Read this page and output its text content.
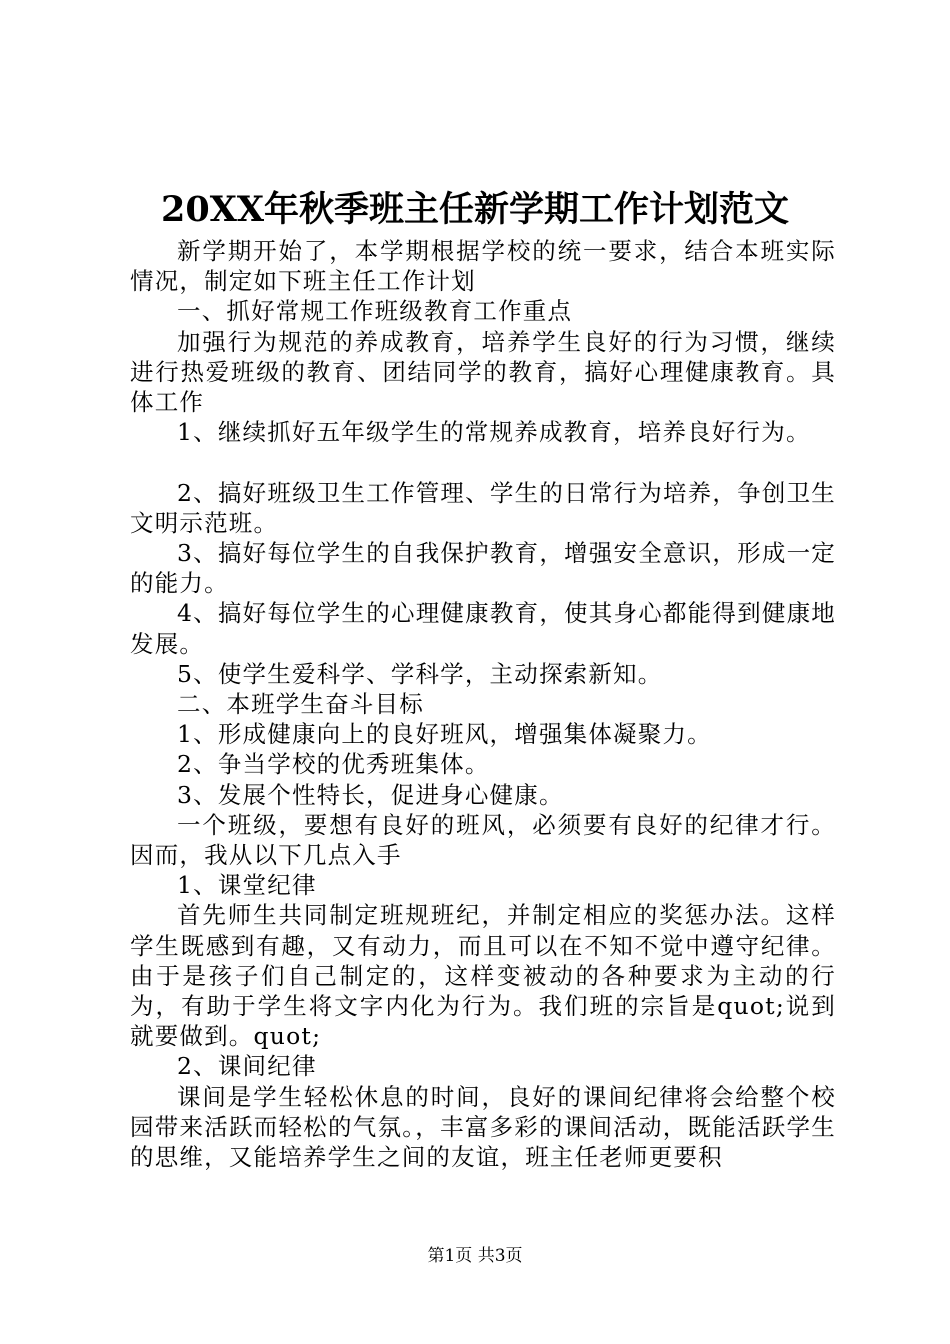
20XX年秋季班主任新学期工作计划范文

新学期开始了，本学期根据学校的统一要求，结合本班实际情况，制定如下班主任工作计划

一、抓好常规工作班级教育工作重点

加强行为规范的养成教育，培养学生良好的行为习惯，继续进行热爱班级的教育、团结同学的教育，搞好心理健康教育。具体工作

1、继续抓好五年级学生的常规养成教育，培养良好行为。

2、搞好班级卫生工作管理、学生的日常行为培养，争创卫生文明示范班。

3、搞好每位学生的自我保护教育，增强安全意识，形成一定的能力。

4、搞好每位学生的心理健康教育，使其身心都能得到健康地发展。

5、使学生爱科学、学科学，主动探索新知。

二、本班学生奋斗目标

1、形成健康向上的良好班风，增强集体凝聚力。

2、争当学校的优秀班集体。

3、发展个性特长，促进身心健康。

一个班级，要想有良好的班风，必须要有良好的纪律才行。因而，我从以下几点入手

1、课堂纪律

首先师生共同制定班规班纪，并制定相应的奖惩办法。这样学生既感到有趣，又有动力，而且可以在不知不觉中遵守纪律。由于是孩子们自己制定的，这样变被动的各种要求为主动的行为，有助于学生将文字内化为行为。我们班的宗旨是quot;说到就要做到。quot;

2、课间纪律

课间是学生轻松休息的时间，良好的课间纪律将会给整个校园带来活跃而轻松的气氛。，丰富多彩的课间活动，既能活跃学生的思维，又能培养学生之间的友谊，班主任老师更要积

第1页 共3页
